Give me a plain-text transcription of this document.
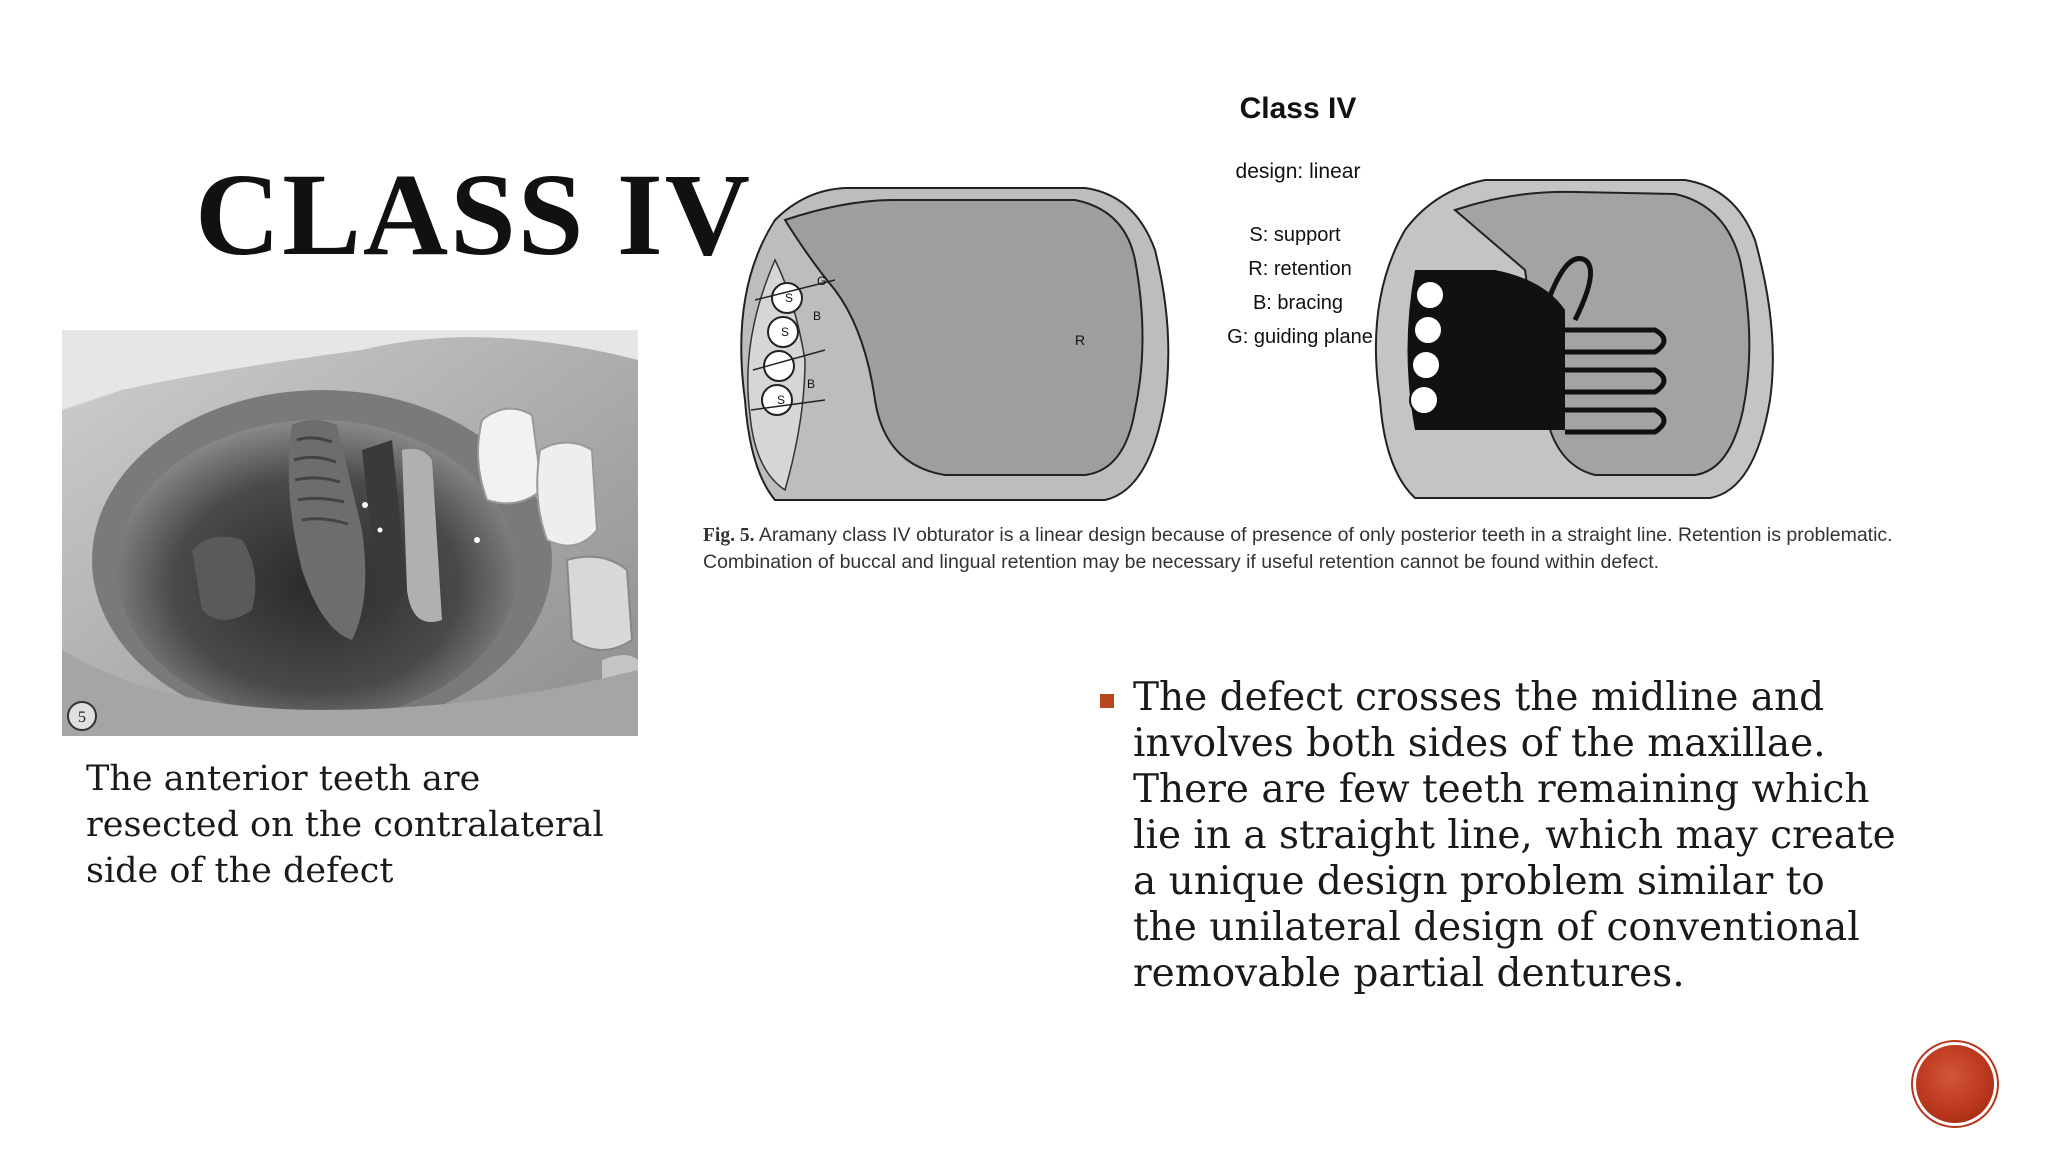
CLASS IV
5
The anterior teeth are resected on the contralateral side of the defect
Class IV
design: linear
S: support
R: retention
B: bracing
G: guiding plane
R
S
S
S
G
B
B
Fig. 5. Aramany class IV obturator is a linear design because of presence of only posterior teeth in a straight line. Retention is problematic. Combination of buccal and lingual retention may be necessary if useful retention cannot be found within defect.
The defect crosses the midline and involves both sides of the maxillae. There are few teeth remaining which lie in a straight line, which may create a unique design problem similar to the unilateral design of conventional removable partial dentures.
